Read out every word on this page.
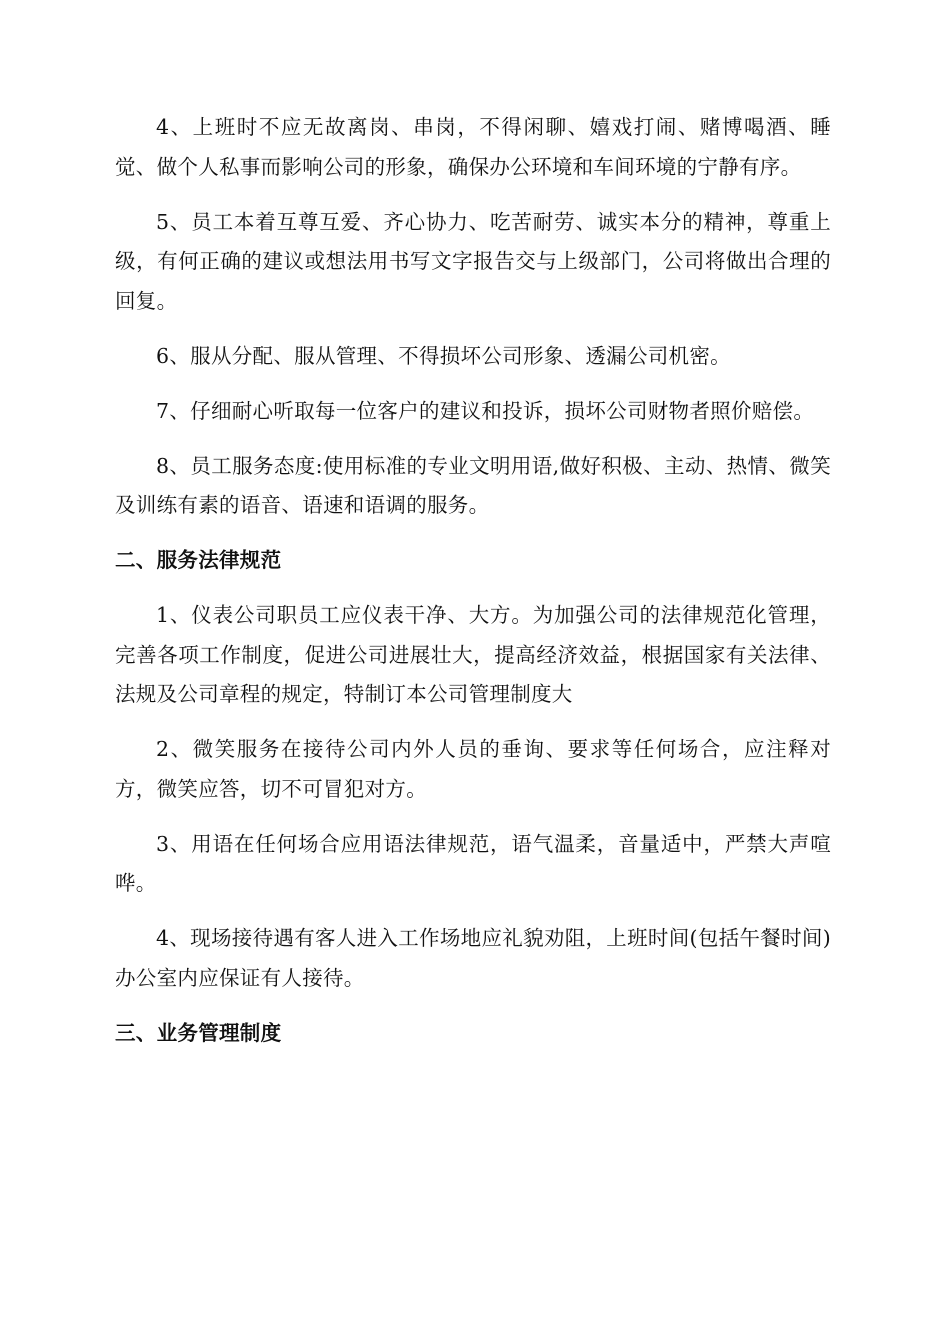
4、上班时不应无故离岗、串岗，不得闲聊、嬉戏打闹、赌博喝酒、睡觉、做个人私事而影响公司的形象，确保办公环境和车间环境的宁静有序。

5、员工本着互尊互爱、齐心协力、吃苦耐劳、诚实本分的精神，尊重上级，有何正确的建议或想法用书写文字报告交与上级部门，公司将做出合理的回复。

6、服从分配、服从管理、不得损坏公司形象、透漏公司机密。

7、仔细耐心听取每一位客户的建议和投诉，损坏公司财物者照价赔偿。

8、员工服务态度:使用标准的专业文明用语,做好积极、主动、热情、微笑及训练有素的语音、语速和语调的服务。

二、服务法律规范

1、仪表公司职员工应仪表干净、大方。为加强公司的法律规范化管理，完善各项工作制度，促进公司进展壮大，提高经济效益，根据国家有关法律、法规及公司章程的规定，特制订本公司管理制度大

2、微笑服务在接待公司内外人员的垂询、要求等任何场合，应注释对方，微笑应答，切不可冒犯对方。

3、用语在任何场合应用语法律规范，语气温柔，音量适中，严禁大声喧哗。

4、现场接待遇有客人进入工作场地应礼貌劝阻，上班时间(包括午餐时间)办公室内应保证有人接待。

三、业务管理制度
